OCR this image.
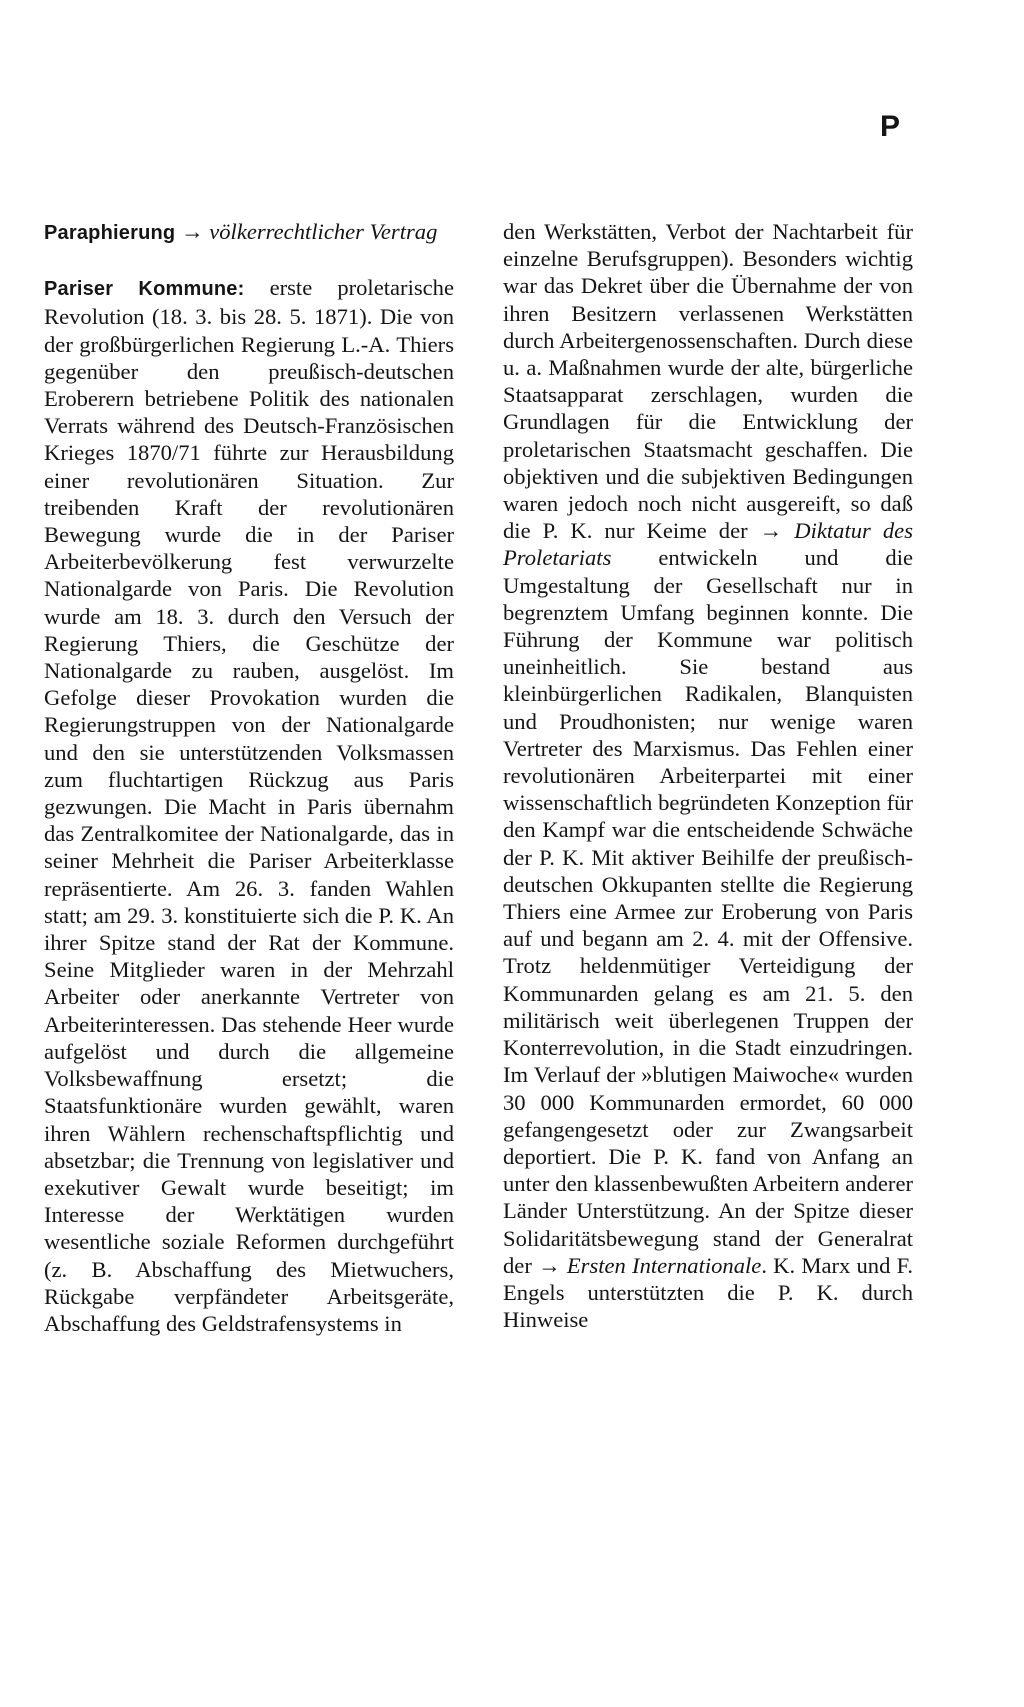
P

Paraphierung → völkerrechtlicher Vertrag

Pariser Kommune: erste proletarische Revolution (18. 3. bis 28. 5. 1871). Die von der großbürgerlichen Regierung L.-A. Thiers gegenüber den preußisch-deutschen Eroberern betriebene Politik des nationalen Verrats während des Deutsch-Französischen Krieges 1870/71 führte zur Herausbildung einer revolutionären Situation. Zur treibenden Kraft der revolutionären Bewegung wurde die in der Pariser Arbeiterbevölkerung fest verwurzelte Nationalgarde von Paris. Die Revolution wurde am 18. 3. durch den Versuch der Regierung Thiers, die Geschütze der Nationalgarde zu rauben, ausgelöst. Im Gefolge dieser Provokation wurden die Regierungstruppen von der Nationalgarde und den sie unterstützenden Volksmassen zum fluchtartigen Rückzug aus Paris gezwungen. Die Macht in Paris übernahm das Zentralkomitee der Nationalgarde, das in seiner Mehrheit die Pariser Arbeiterklasse repräsentierte. Am 26. 3. fanden Wahlen statt; am 29. 3. konstituierte sich die P. K. An ihrer Spitze stand der Rat der Kommune. Seine Mitglieder waren in der Mehrzahl Arbeiter oder anerkannte Vertreter von Arbeiterinteressen. Das stehende Heer wurde aufgelöst und durch die allgemeine Volksbewaffnung ersetzt; die Staatsfunktionäre wurden gewählt, waren ihren Wählern rechenschaftspflichtig und absetzbar; die Trennung von legislativer und exekutiver Gewalt wurde beseitigt; im Interesse der Werktätigen wurden wesentliche soziale Reformen durchgeführt (z. B. Abschaffung des Mietwuchers, Rückgabe verpfändeter Arbeitsgeräte, Abschaffung des Geldstrafensystems in

den Werkstätten, Verbot der Nachtarbeit für einzelne Berufsgruppen). Besonders wichtig war das Dekret über die Übernahme der von ihren Besitzern verlassenen Werkstätten durch Arbeitergenossenschaften. Durch diese u. a. Maßnahmen wurde der alte, bürgerliche Staatsapparat zerschlagen, wurden die Grundlagen für die Entwicklung der proletarischen Staatsmacht geschaffen. Die objektiven und die subjektiven Bedingungen waren jedoch noch nicht ausgereift, so daß die P. K. nur Keime der → Diktatur des Proletariats entwickeln und die Umgestaltung der Gesellschaft nur in begrenztem Umfang beginnen konnte. Die Führung der Kommune war politisch uneinheitlich. Sie bestand aus kleinbürgerlichen Radikalen, Blanquisten und Proudhonisten; nur wenige waren Vertreter des Marxismus. Das Fehlen einer revolutionären Arbeiterpartei mit einer wissenschaftlich begründeten Konzeption für den Kampf war die entscheidende Schwäche der P. K. Mit aktiver Beihilfe der preußisch-deutschen Okkupanten stellte die Regierung Thiers eine Armee zur Eroberung von Paris auf und begann am 2. 4. mit der Offensive. Trotz heldenmütiger Verteidigung der Kommunarden gelang es am 21. 5. den militärisch weit überlegenen Truppen der Konterrevolution, in die Stadt einzudringen. Im Verlauf der »blutigen Maiwoche« wurden 30 000 Kommunarden ermordet, 60 000 gefangengesetzt oder zur Zwangsarbeit deportiert. Die P. K. fand von Anfang an unter den klassenbewußten Arbeitern anderer Länder Unterstützung. An der Spitze dieser Solidaritätsbewegung stand der Generalrat der → Ersten Internationale. K. Marx und F. Engels unterstützten die P. K. durch Hinweise
